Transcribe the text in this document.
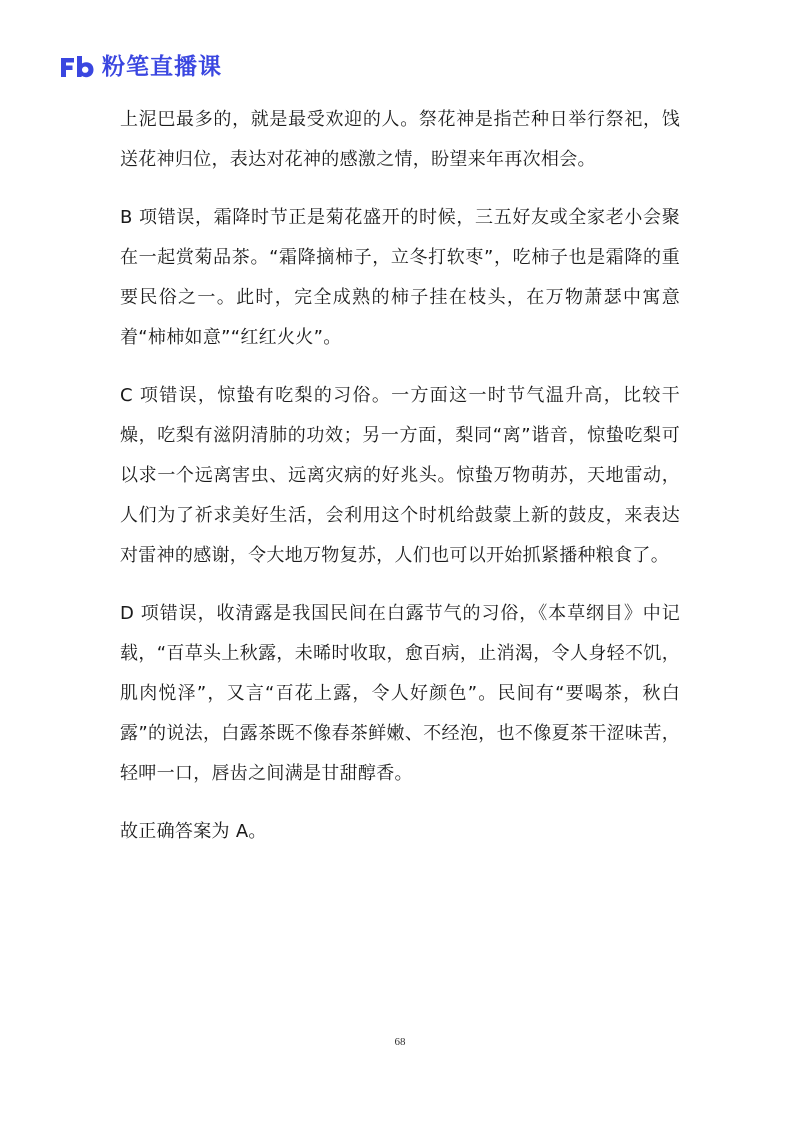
粉笔直播课

上泥巴最多的，就是最受欢迎的人。祭花神是指芒种日举行祭祀，饯送花神归位，表达对花神的感激之情，盼望来年再次相会。

B 项错误，霜降时节正是菊花盛开的时候，三五好友或全家老小会聚在一起赏菊品茶。“霜降摘柿子，立冬打软枣”，吃柿子也是霜降的重要民俗之一。此时，完全成熟的柿子挂在枝头，在万物萧瑟中寓意着“柿柿如意”“红红火火”。

C 项错误，惊蛰有吃梨的习俗。一方面这一时节气温升高，比较干燥，吃梨有滋阴清肺的功效；另一方面，梨同“离”谐音，惊蛰吃梨可以求一个远离害虫、远离灾病的好兆头。惊蛰万物萌苏，天地雷动，人们为了祈求美好生活，会利用这个时机给鼓蒙上新的鼓皮，来表达对雷神的感谢，令大地万物复苏，人们也可以开始抓紧播种粮食了。

D 项错误，收清露是我国民间在白露节气的习俗，《本草纲目》中记载，“百草头上秋露，未晞时收取，愈百病，止消渴，令人身轻不饥，肌肉悦泽”，又言“百花上露，令人好颜色”。民间有“要喝茶，秋白露”的说法，白露茶既不像春茶鲜嫩、不经泡，也不像夏茶干涩味苦，轻呷一口，唇齿之间满是甘甜醇香。

故正确答案为 A。

68
